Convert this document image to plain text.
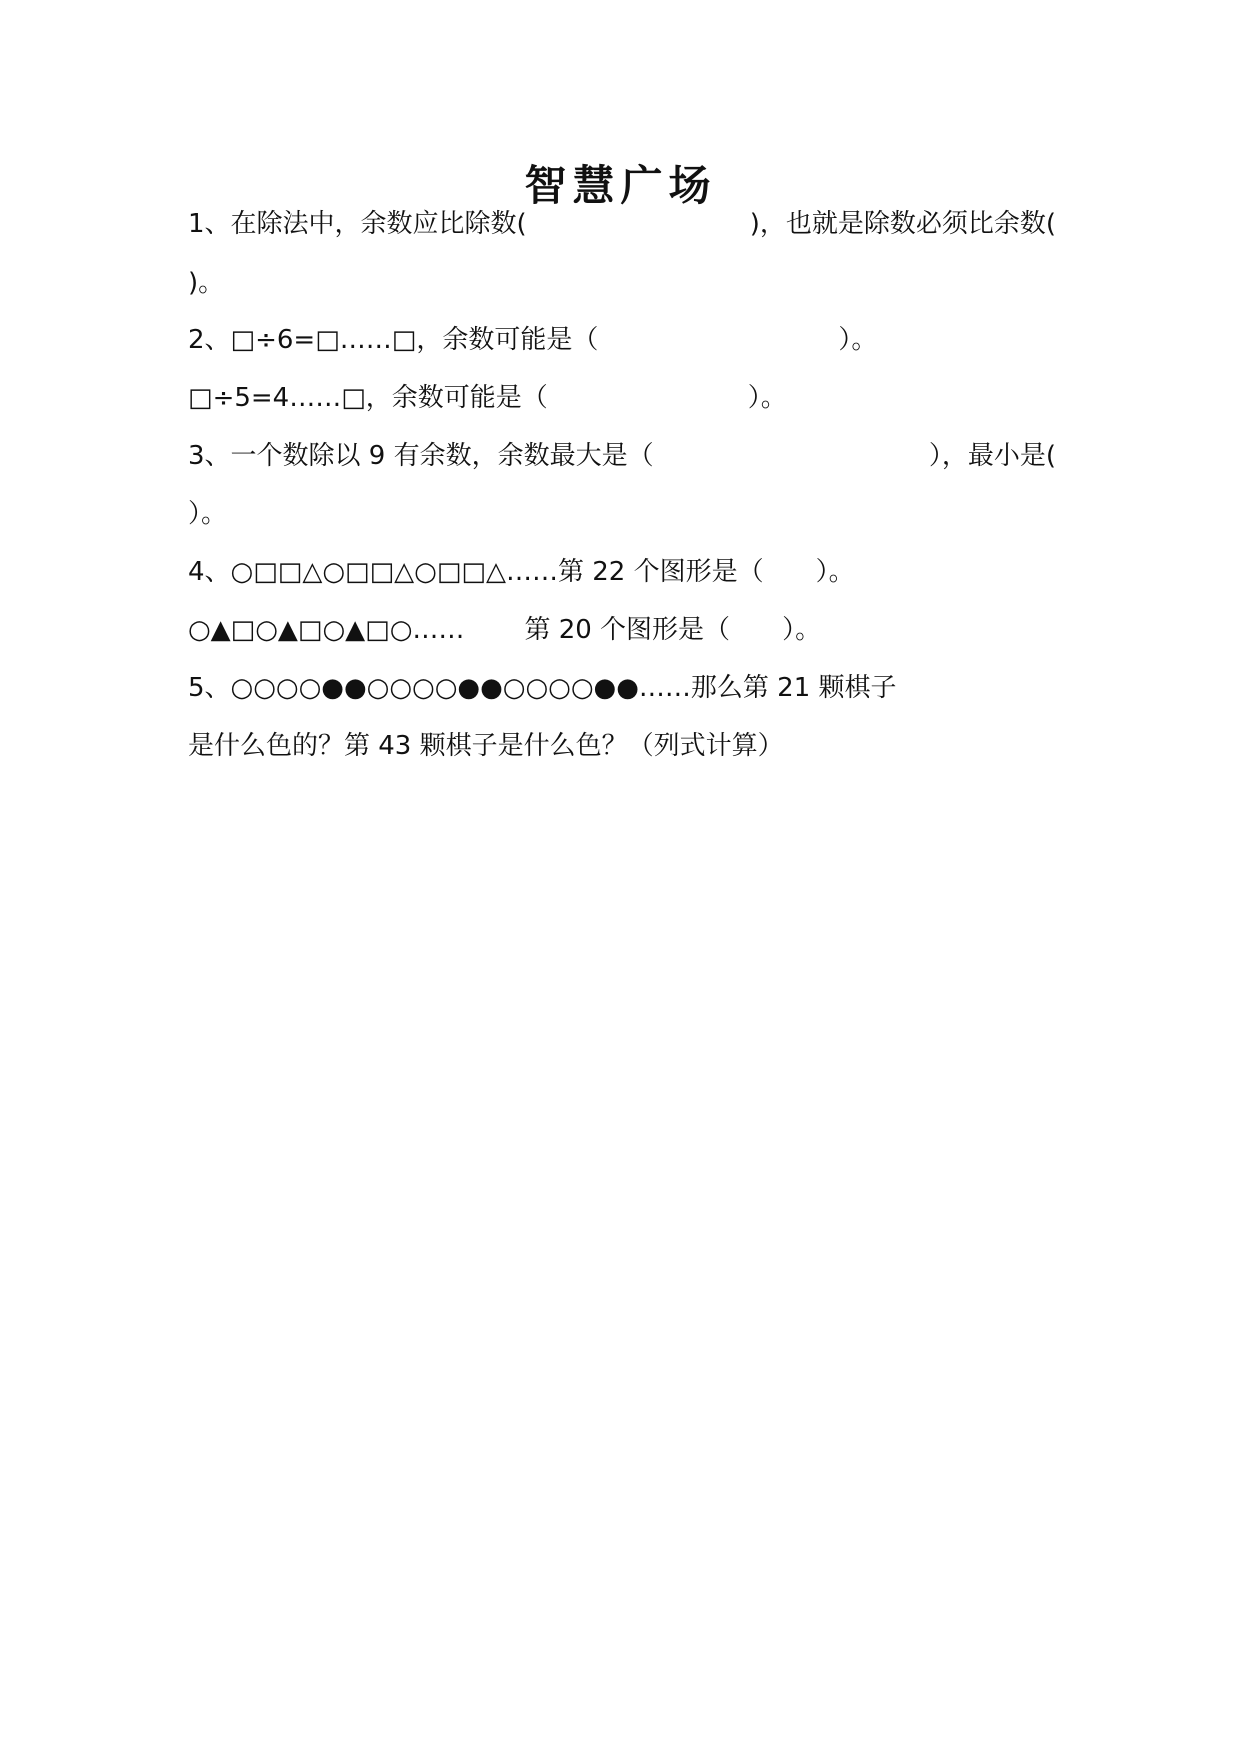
智慧广场
1、在除法中，余数应比除数(	)，也就是除数必须比余数(
)。
2、□÷6=□……□，余数可能是（	）。
□÷5=4……□，余数可能是（	）。
3、一个数除以 9 有余数，余数最大是（	），最小是(
）。
4、○□□△○□□△○□□△……第 22 个图形是（ ）。
○▲□○▲□○▲□○…… 第 20 个图形是（ ）。
5、○○○○●●○○○○●●○○○○●●……那么第 21 颗棋子
是什么色的？第 43 颗棋子是什么色？（列式计算）
